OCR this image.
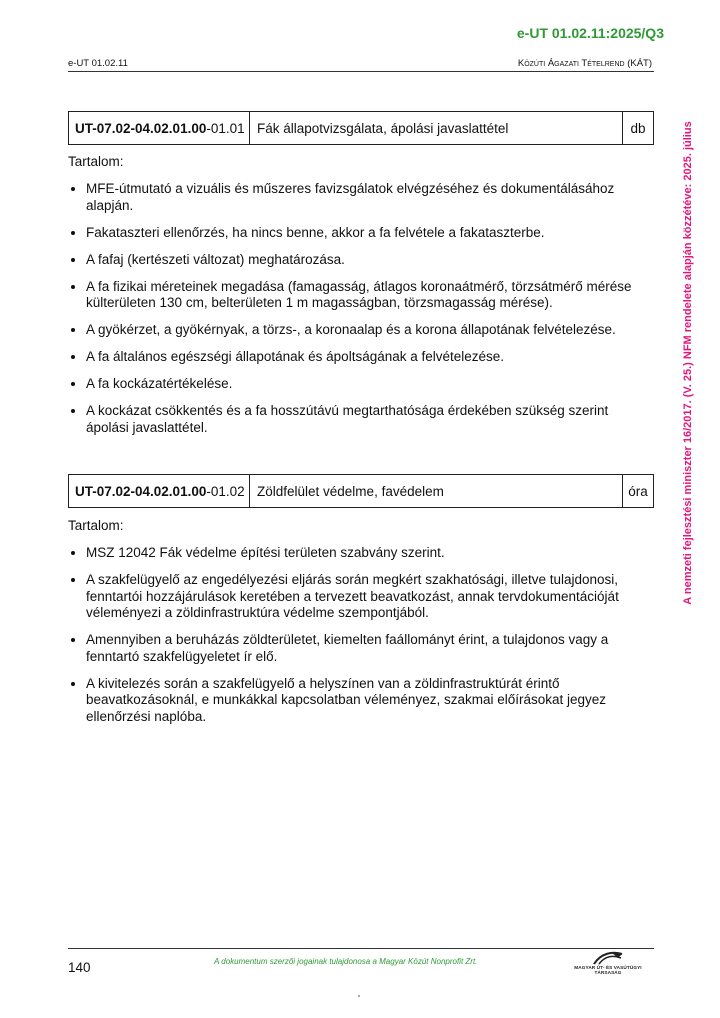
e-UT 01.02.11:2025/Q3
e-UT 01.02.11	Közúti Ágazati Tételrend (KÁT)
UT-07.02-04.02.01.00 -01.01 Fák állapotvizsgálata, ápolási javaslattétel	db
Tartalom:
MFE-útmutató a vizuális és műszeres favizsgálatok elvégzéséhez és dokumentálásához alapján.
Fakataszteri ellenőrzés, ha nincs benne, akkor a fa felvétele a fakataszterbe.
A fafaj (kertészeti változat) meghatározása.
A fa fizikai méreteinek megadása (famagasság, átlagos koronaátmérő, törzsátmérő mérése külterületen 130 cm, belterületen 1 m magasságban, törzsmagasság mérése).
A gyökérzet, a gyökérnyak, a törzs-, a koronaalap és a korona állapotának felvételezése.
A fa általános egészségi állapotának és ápoltságának a felvételezése.
A fa kockázatértékelése.
A kockázat csökkentés és a fa hosszútávú megtarthatósága érdekében szükség szerint ápolási javaslattétel.
UT-07.02-04.02.01.00 -01.02 Zöldfelület védelme, favédelem	óra
Tartalom:
MSZ 12042 Fák védelme építési területen szabvány szerint.
A szakfelügyelő az engedélyezési eljárás során megkért szakhatósági, illetve tulajdonosi, fenntartói hozzájárulások keretében a tervezett beavatkozást, annak tervdokumentációját véleményezi a zöldinfrastruktúra védelme szempontjából.
Amennyiben a beruházás zöldterületet, kiemelten faállományt érint, a tulajdonos vagy a fenntartó szakfelügyeletet ír elő.
A kivitelezés során a szakfelügyelő a helyszínen van a zöldinfrastruktúrát érintő beavatkozásoknál, e munkákkal kapcsolatban véleményez, szakmai előírásokat jegyez ellenőrzési naplóba.
A nemzeti fejlesztési miniszter 16/2017. (V. 25.) NFM rendelete alapján közzétéve: 2025. július
140	A dokumentum szerzői jogainak tulajdonosa a Magyar Közút Nonprofit Zrt.
MAGYAR ÚT- ÉS VASÚTÜGYI TÁRSASÁG
